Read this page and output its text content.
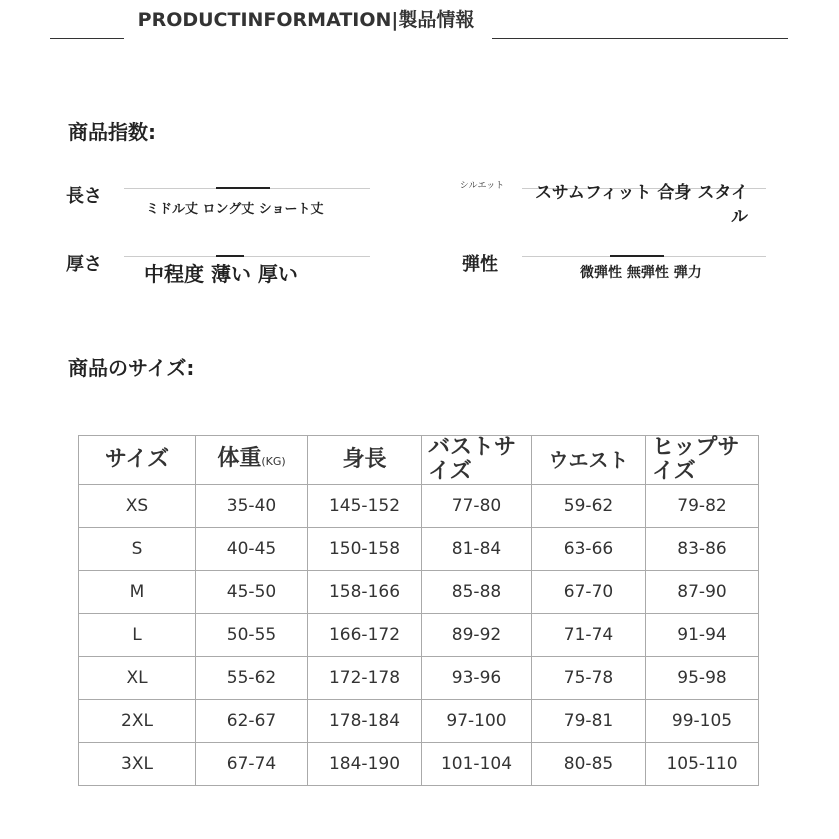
PRODUCTINFORMATION|製品情報
商品指数:
長さ
ミドル丈 ロング丈 ショート丈
シルエット	スサムフィット 合身 スタイル
厚さ 中程度 薄い 厚い	弾性	微弾性 無弾性 弾力
商品のサイズ:
サイズ	体重(KG)	身長	バストサイズ	ウエスト	ヒップサイズ
XS	35-40	145-152	77-80	59-62	79-82
S	40-45	150-158	81-84	63-66	83-86
M	45-50	158-166	85-88	67-70	87-90
L	50-55	166-172	89-92	71-74	91-94
XL	55-62	172-178	93-96	75-78	95-98
2XL	62-67	178-184	97-100	79-81	99-105
3XL	67-74	184-190	101-104	80-85	105-110
